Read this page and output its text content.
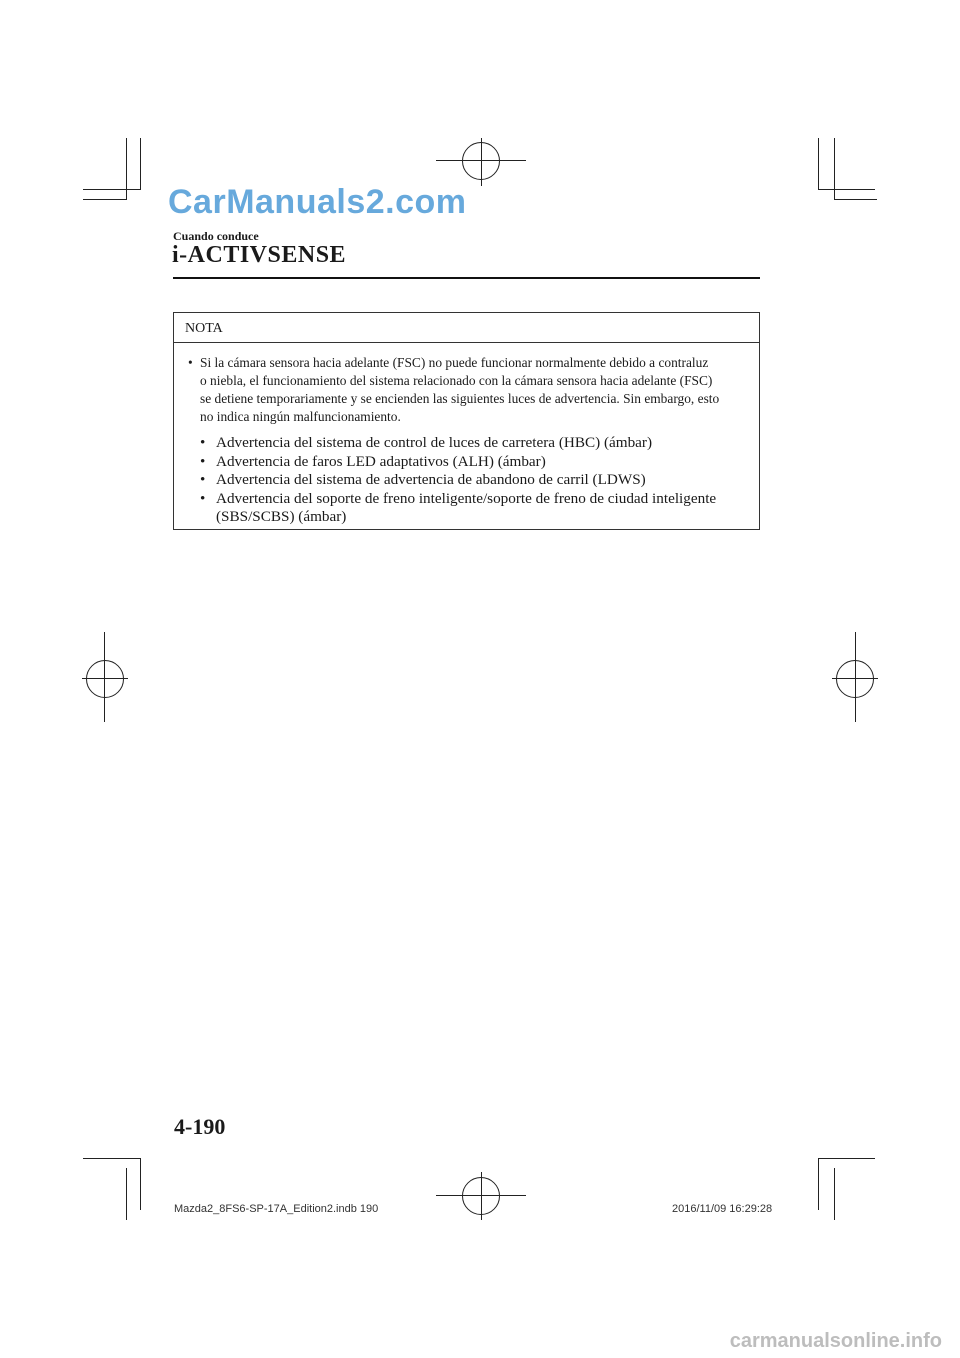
CarManuals2.com
Cuando conduce
i-ACTIVSENSE
NOTA
• Si la cámara sensora hacia adelante (FSC) no puede funcionar normalmente debido a contraluz
o niebla, el funcionamiento del sistema relacionado con la cámara sensora hacia adelante (FSC)
se detiene temporariamente y se encienden las siguientes luces de advertencia. Sin embargo, esto
no indica ningún malfuncionamiento.
• Advertencia del sistema de control de luces de carretera (HBC) (ámbar)
• Advertencia de faros LED adaptativos (ALH) (ámbar)
• Advertencia del sistema de advertencia de abandono de carril (LDWS)
• Advertencia del soporte de freno inteligente/soporte de freno de ciudad inteligente
(SBS/SCBS) (ámbar)
4-190
Mazda2_8FS6-SP-17A_Edition2.indb 190	2016/11/09 16:29:28
carmanualsonline.info
